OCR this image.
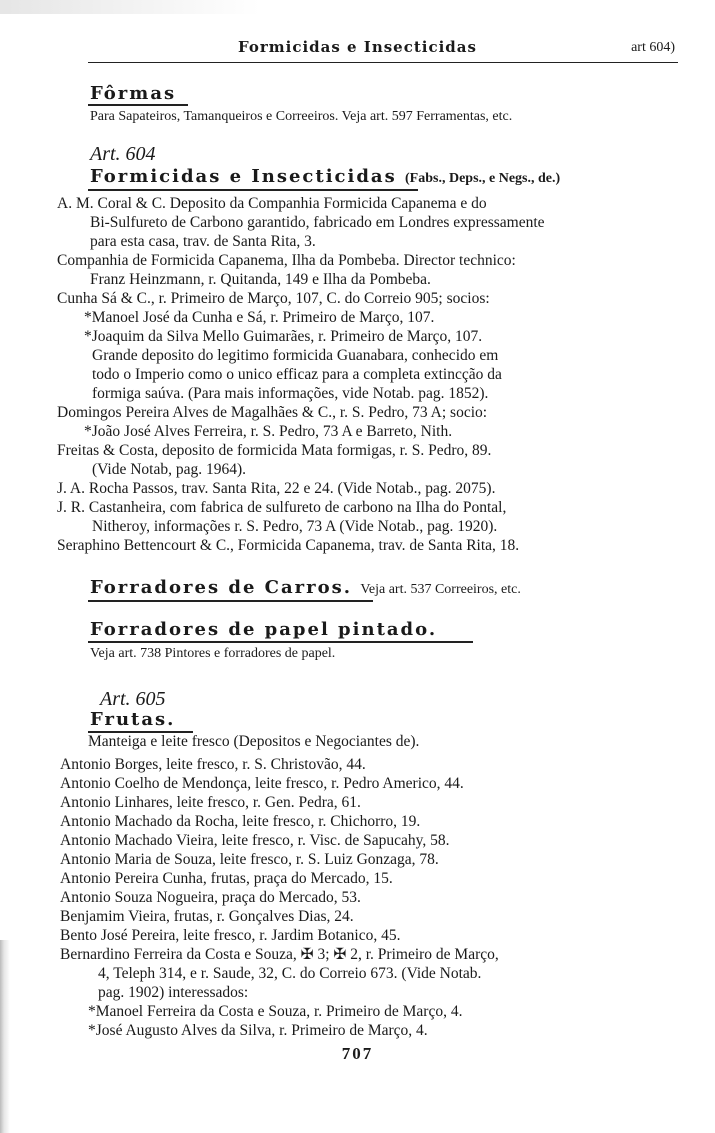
Formicidas e Insecticidas	art 604)
Fôrmas
Para Sapateiros, Tamanqueiros e Correeiros. Veja art. 597 Ferramentas, etc.
Art. 604
Formicidas e Insecticidas (Fabs., Deps., e Negs., de.)
A. M. Coral & C. Deposito da Companhia Formicida Capanema e do
Bi-Sulfureto de Carbono garantido, fabricado em Londres expressamente
para esta casa, trav. de Santa Rita, 3.
Companhia de Formicida Capanema, Ilha da Pombeba. Director technico:
Franz Heinzmann, r. Quitanda, 149 e Ilha da Pombeba.
Cunha Sá & C., r. Primeiro de Março, 107, C. do Correio 905; socios:
*Manoel José da Cunha e Sá, r. Primeiro de Março, 107.
*Joaquim da Silva Mello Guimarães, r. Primeiro de Março, 107.
Grande deposito do legitimo formicida Guanabara, conhecido em
todo o Imperio como o unico efficaz para a completa extincção da
formiga saúva. (Para mais informações, vide Notab. pag. 1852).
Domingos Pereira Alves de Magalhães & C., r. S. Pedro, 73 A; socio:
*João José Alves Ferreira, r. S. Pedro, 73 A e Barreto, Nith.
Freitas & Costa, deposito de formicida Mata formigas, r. S. Pedro, 89.
(Vide Notab, pag. 1964).
J. A. Rocha Passos, trav. Santa Rita, 22 e 24. (Vide Notab., pag. 2075).
J. R. Castanheira, com fabrica de sulfureto de carbono na Ilha do Pontal,
Nitheroy, informações r. S. Pedro, 73 A (Vide Notab., pag. 1920).
Seraphino Bettencourt & C., Formicida Capanema, trav. de Santa Rita, 18.
Forradores de Carros. Veja art. 537 Correeiros, etc.
Forradores de papel pintado.
Veja art. 738 Pintores e forradores de papel.
Art. 605
Frutas.
Manteiga e leite fresco (Depositos e Negociantes de).
Antonio Borges, leite fresco, r. S. Christovão, 44.
Antonio Coelho de Mendonça, leite fresco, r. Pedro Americo, 44.
Antonio Linhares, leite fresco, r. Gen. Pedra, 61.
Antonio Machado da Rocha, leite fresco, r. Chichorro, 19.
Antonio Machado Vieira, leite fresco, r. Visc. de Sapucahy, 58.
Antonio Maria de Souza, leite fresco, r. S. Luiz Gonzaga, 78.
Antonio Pereira Cunha, frutas, praça do Mercado, 15.
Antonio Souza Nogueira, praça do Mercado, 53.
Benjamim Vieira, frutas, r. Gonçalves Dias, 24.
Bento José Pereira, leite fresco, r. Jardim Botanico, 45.
Bernardino Ferreira da Costa e Souza, ✠ 3; ✠ 2, r. Primeiro de Março,
4, Teleph 314, e r. Saude, 32, C. do Correio 673. (Vide Notab.
pag. 1902) interessados:
*Manoel Ferreira da Costa e Souza, r. Primeiro de Março, 4.
*José Augusto Alves da Silva, r. Primeiro de Março, 4.
707
